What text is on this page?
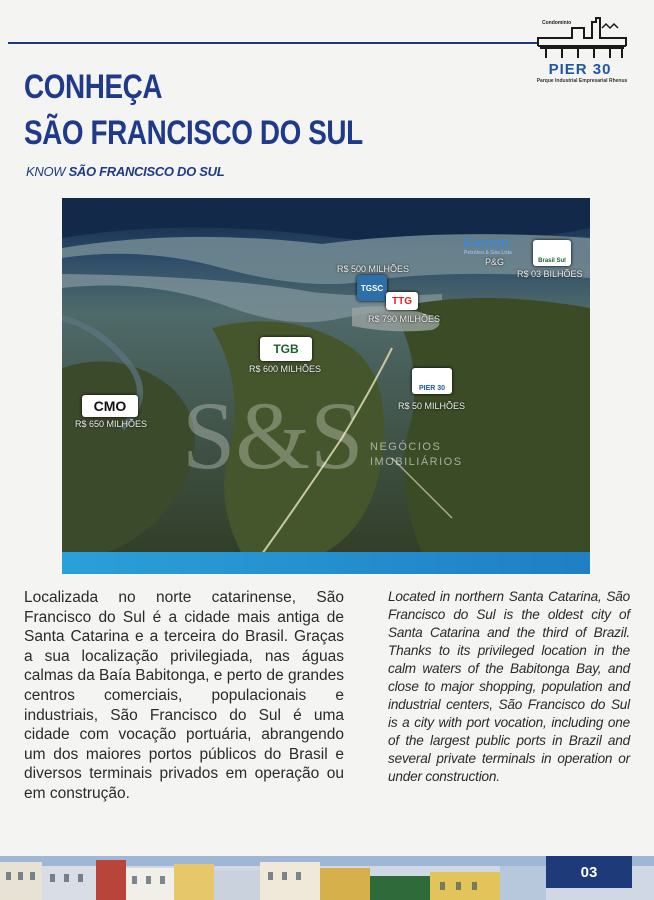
Condomínio
PIER 30
Parque Industrial Empresarial Rhenus
CONHEÇA
SÃO FRANCISCO DO SUL
KNOW SÃO FRANCISCO DO SUL
S&S NEGÓCIOS
IMOBILIÁRIOS
CMO
R$ 650 MILHÕES
TGB
R$ 600 MILHÕES
TGSC
R$ 500 MILHÕES
TTG
R$ 790 MILHÕES
Karoon
Petróleo & Gás Ltda
P&G	Brasil Sul
R$ 03 BILHÕES
PIER 30
R$ 50 MILHÕES
Localizada no norte catarinense, São Francisco do Sul é a cidade mais antiga de Santa Catarina e a terceira do Brasil. Graças a sua localização privilegiada, nas águas calmas da Baía Babitonga, e perto de grandes centros comerciais, populacionais e industriais, São Francisco do Sul é uma cidade com vocação portuária, abrangendo um dos maiores portos públicos do Brasil e diversos terminais privados em operação ou em construção.
Located in northern Santa Catarina, São Francisco do Sul is the oldest city of Santa Catarina and the third of Brazil. Thanks to its privileged location in the calm waters of the Babitonga Bay, and close to major shopping, population and industrial centers, São Francisco do Sul is a city with port vocation, including one of the largest public ports in Brazil and several private terminals in operation or under construction.
03
